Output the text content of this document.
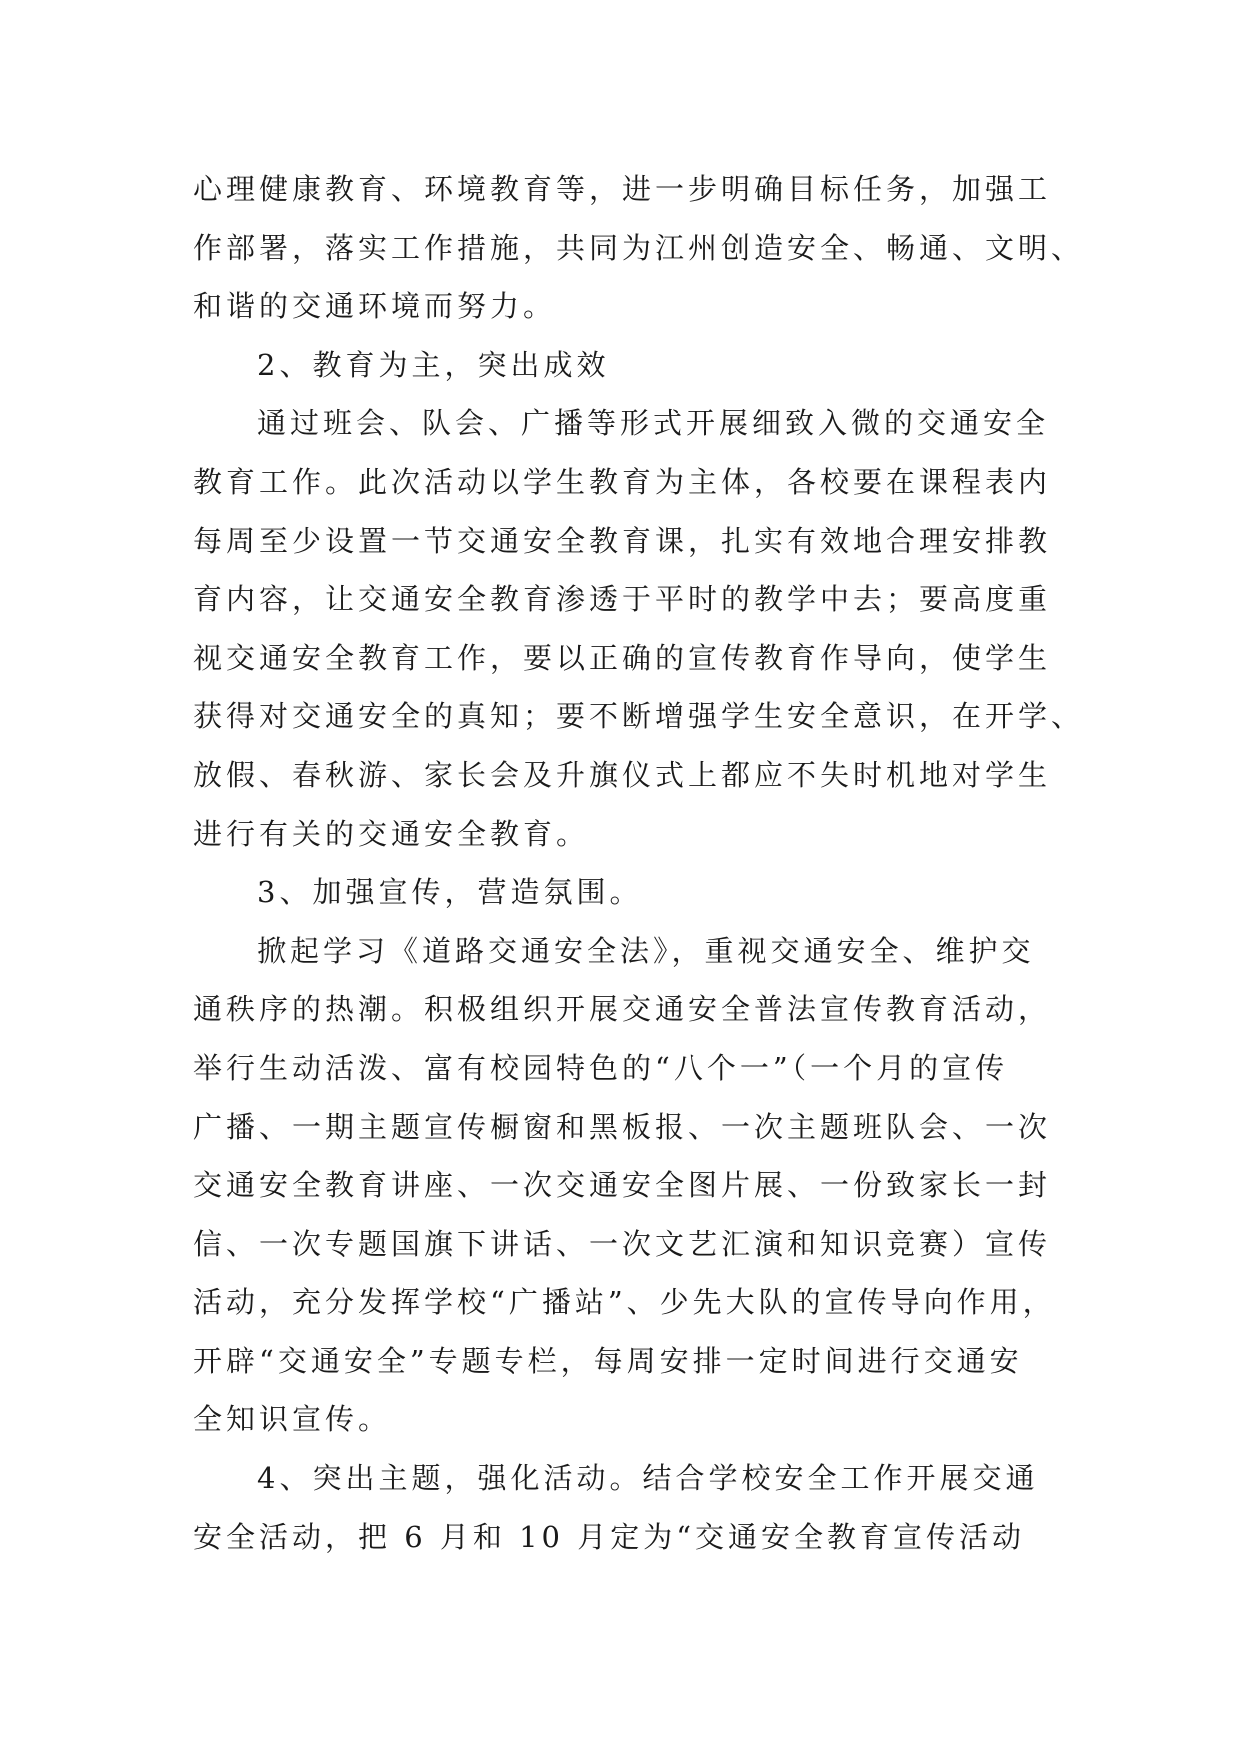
心理健康教育、环境教育等，进一步明确目标任务，加强工
作部署，落实工作措施，共同为江州创造安全、畅通、文明、
和谐的交通环境而努力。
2、教育为主，突出成效
通过班会、队会、广播等形式开展细致入微的交通安全
教育工作。此次活动以学生教育为主体，各校要在课程表内
每周至少设置一节交通安全教育课，扎实有效地合理安排教
育内容，让交通安全教育渗透于平时的教学中去；要高度重
视交通安全教育工作，要以正确的宣传教育作导向，使学生
获得对交通安全的真知；要不断增强学生安全意识，在开学、
放假、春秋游、家长会及升旗仪式上都应不失时机地对学生
进行有关的交通安全教育。
3、加强宣传，营造氛围。
掀起学习《道路交通安全法》，重视交通安全、维护交
通秩序的热潮。积极组织开展交通安全普法宣传教育活动，
举行生动活泼、富有校园特色的“八个一”（一个月的宣传
广播、一期主题宣传橱窗和黑板报、一次主题班队会、一次
交通安全教育讲座、一次交通安全图片展、一份致家长一封
信、一次专题国旗下讲话、一次文艺汇演和知识竞赛）宣传
活动，充分发挥学校“广播站”、少先大队的宣传导向作用，
开辟“交通安全”专题专栏，每周安排一定时间进行交通安
全知识宣传。
4、突出主题，强化活动。结合学校安全工作开展交通
安全活动，把 6 月和 10 月定为“交通安全教育宣传活动
